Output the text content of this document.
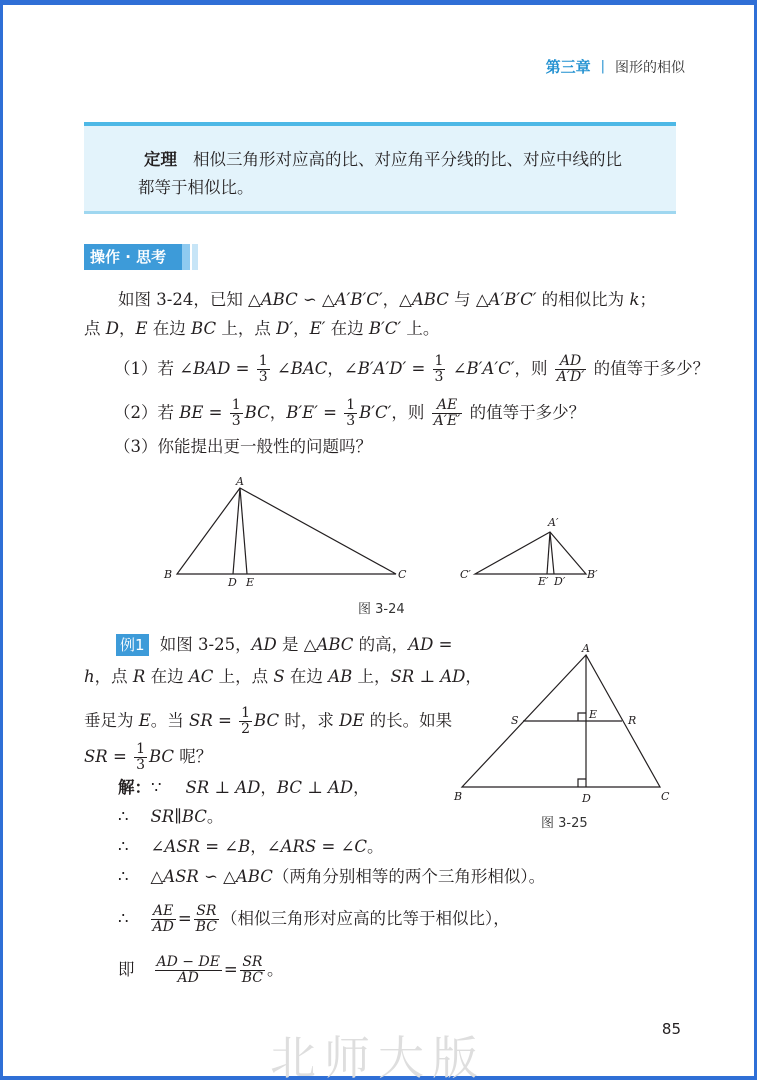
第三章 | 图形的相似
定理 相似三角形对应高的比、对应角平分线的比、对应中线的比
都等于相似比。
操作 · 思考
如图 3-24，已知 △ABC ∽ △A′B′C′，△ABC 与 △A′B′C′ 的相似比为 k；
点 D，E 在边 BC 上，点 D′，E′ 在边 B′C′ 上。
（1）若 ∠BAD = $\frac{1}{3}$ ∠BAC，∠B′A′D′ = $\frac{1}{3}$ ∠B′A′C′，则 $\frac{AD}{A'D'}$ 的值等于多少？
（2）若 BE = $\frac{1}{3}$ BC，$B'E' = \frac{1}{3} B'C'$，则 $\frac{AE}{A'E'}$ 的值等于多少？
（3）你能提出更一般性的问题吗？
A
B	C
D E
A′
C′	B′
E′ D′
图 3-24
例1 如图 3-25，AD 是 △ABC 的高，AD =
h，点 R 在边 AC 上，点 S 在边 AB 上，SR ⊥ AD，
垂足为 E。当 SR = $\frac{1}{2}$ BC 时，求 DE 的长。如果
SR = $\frac{1}{3}$ BC 呢？
A
B	C
D
E
S	R
图 3-25
解：∵ SR ⊥ AD，BC ⊥ AD，
∴ SR∥BC。
∴ ∠ASR = ∠B，∠ARS = ∠C。
∴ △ASR ∽ △ABC（两角分别相等的两个三角形相似）。
∴ $\frac{AE}{AD} = \frac{SR}{BC}$ （相似三角形对应高的比等于相似比），
即 $\frac{AD - DE}{AD} = \frac{SR}{BC}$ 。
85
北师大版
